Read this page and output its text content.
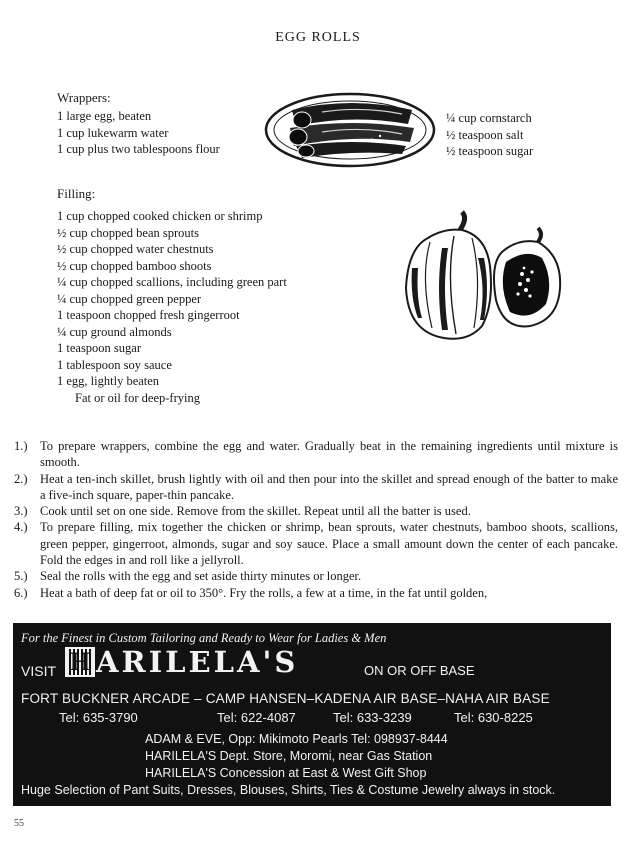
EGG ROLLS
Wrappers:
1 large egg, beaten
1 cup lukewarm water
1 cup plus two tablespoons flour
¼ cup cornstarch
½ teaspoon salt
½ teaspoon sugar
Filling:
1 cup chopped cooked chicken or shrimp
½ cup chopped bean sprouts
½ cup chopped water chestnuts
½ cup chopped bamboo shoots
¼ cup chopped scallions, including green part
¼ cup chopped green pepper
1 teaspoon chopped fresh gingerroot
¼ cup ground almonds
1 teaspoon sugar
1 tablespoon soy sauce
1 egg, lightly beaten
Fat or oil for deep-frying
1.) To prepare wrappers, combine the egg and water. Gradually beat in the remaining ingredients until mixture is smooth.
2.) Heat a ten-inch skillet, brush lightly with oil and then pour into the skillet and spread enough of the batter to make a five-inch square, paper-thin pancake.
3.) Cook until set on one side. Remove from the skillet. Repeat until all the batter is used.
4.) To prepare filling, mix together the chicken or shrimp, bean sprouts, water chestnuts, bamboo shoots, scallions, green pepper, gingerroot, almonds, sugar and soy sauce. Place a small amount down the center of each pancake. Fold the edges in and roll like a jellyroll.
5.) Seal the rolls with the egg and set aside thirty minutes or longer.
6.) Heat a bath of deep fat or oil to 350°. Fry the rolls, a few at a time, in the fat until golden,
For the Finest in Custom Tailoring and Ready to Wear for Ladies & Men
VISIT H ARILELA'S	ON OR OFF BASE
FORT BUCKNER ARCADE – CAMP HANSEN–KADENA AIR BASE–NAHA AIR BASE
Tel: 635-3790	Tel: 622-4087	Tel: 633-3239	Tel: 630-8225
ADAM & EVE, Opp: Mikimoto Pearls Tel: 098937-8444
HARILELA'S Dept. Store, Moromi, near Gas Station
HARILELA'S Concession at East & West Gift Shop
Huge Selection of Pant Suits, Dresses, Blouses, Shirts, Ties & Costume Jewelry always in stock.
55
